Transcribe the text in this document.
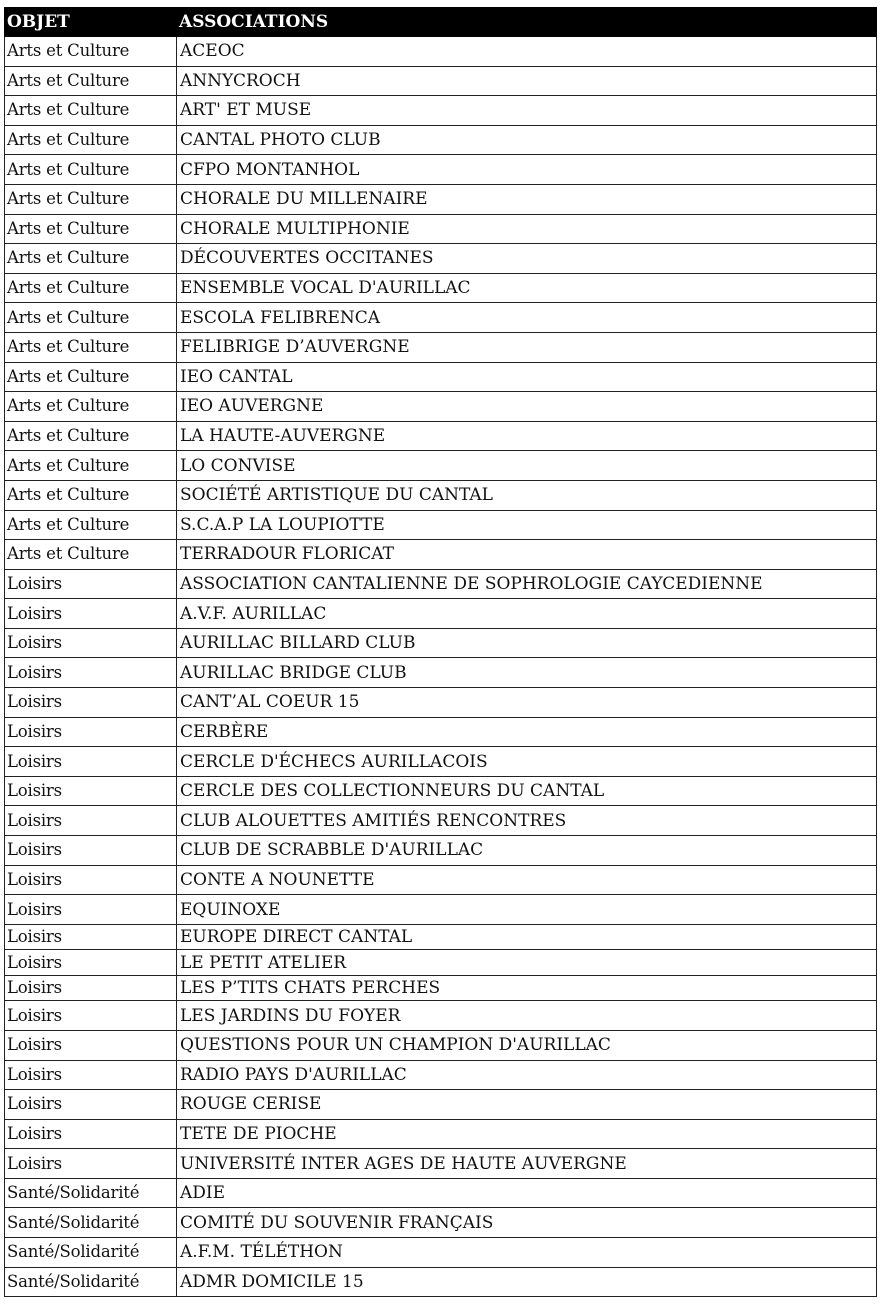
OBJET	ASSOCIATIONS
Arts et Culture	ACEOC
Arts et Culture	ANNYCROCH
Arts et Culture	ART' ET MUSE
Arts et Culture	CANTAL PHOTO CLUB
Arts et Culture	CFPO MONTANHOL
Arts et Culture	CHORALE DU MILLENAIRE
Arts et Culture	CHORALE MULTIPHONIE
Arts et Culture	DÉCOUVERTES OCCITANES
Arts et Culture	ENSEMBLE VOCAL D'AURILLAC
Arts et Culture	ESCOLA FELIBRENCA
Arts et Culture	FELIBRIGE D’AUVERGNE
Arts et Culture	IEO CANTAL
Arts et Culture	IEO AUVERGNE
Arts et Culture	LA HAUTE-AUVERGNE
Arts et Culture	LO CONVISE
Arts et Culture	SOCIÉTÉ ARTISTIQUE DU CANTAL
Arts et Culture	S.C.A.P LA LOUPIOTTE
Arts et Culture	TERRADOUR FLORICAT
Loisirs	ASSOCIATION CANTALIENNE DE SOPHROLOGIE CAYCEDIENNE
Loisirs	A.V.F. AURILLAC
Loisirs	AURILLAC BILLARD CLUB
Loisirs	AURILLAC BRIDGE CLUB
Loisirs	CANT’AL COEUR 15
Loisirs	CERBÈRE
Loisirs	CERCLE D'ÉCHECS AURILLACOIS
Loisirs	CERCLE DES COLLECTIONNEURS DU CANTAL
Loisirs	CLUB ALOUETTES AMITIÉS RENCONTRES
Loisirs	CLUB DE SCRABBLE D'AURILLAC
Loisirs	CONTE A NOUNETTE
Loisirs	EQUINOXE
Loisirs	EUROPE DIRECT CANTAL
Loisirs	LE PETIT ATELIER
Loisirs	LES P’TITS CHATS PERCHES
Loisirs	LES JARDINS DU FOYER
Loisirs	QUESTIONS POUR UN CHAMPION D'AURILLAC
Loisirs	RADIO PAYS D'AURILLAC
Loisirs	ROUGE CERISE
Loisirs	TETE DE PIOCHE
Loisirs	UNIVERSITÉ INTER AGES DE HAUTE AUVERGNE
Santé/Solidarité	ADIE
Santé/Solidarité	COMITÉ DU SOUVENIR FRANÇAIS
Santé/Solidarité	A.F.M. TÉLÉTHON
Santé/Solidarité	ADMR DOMICILE 15
